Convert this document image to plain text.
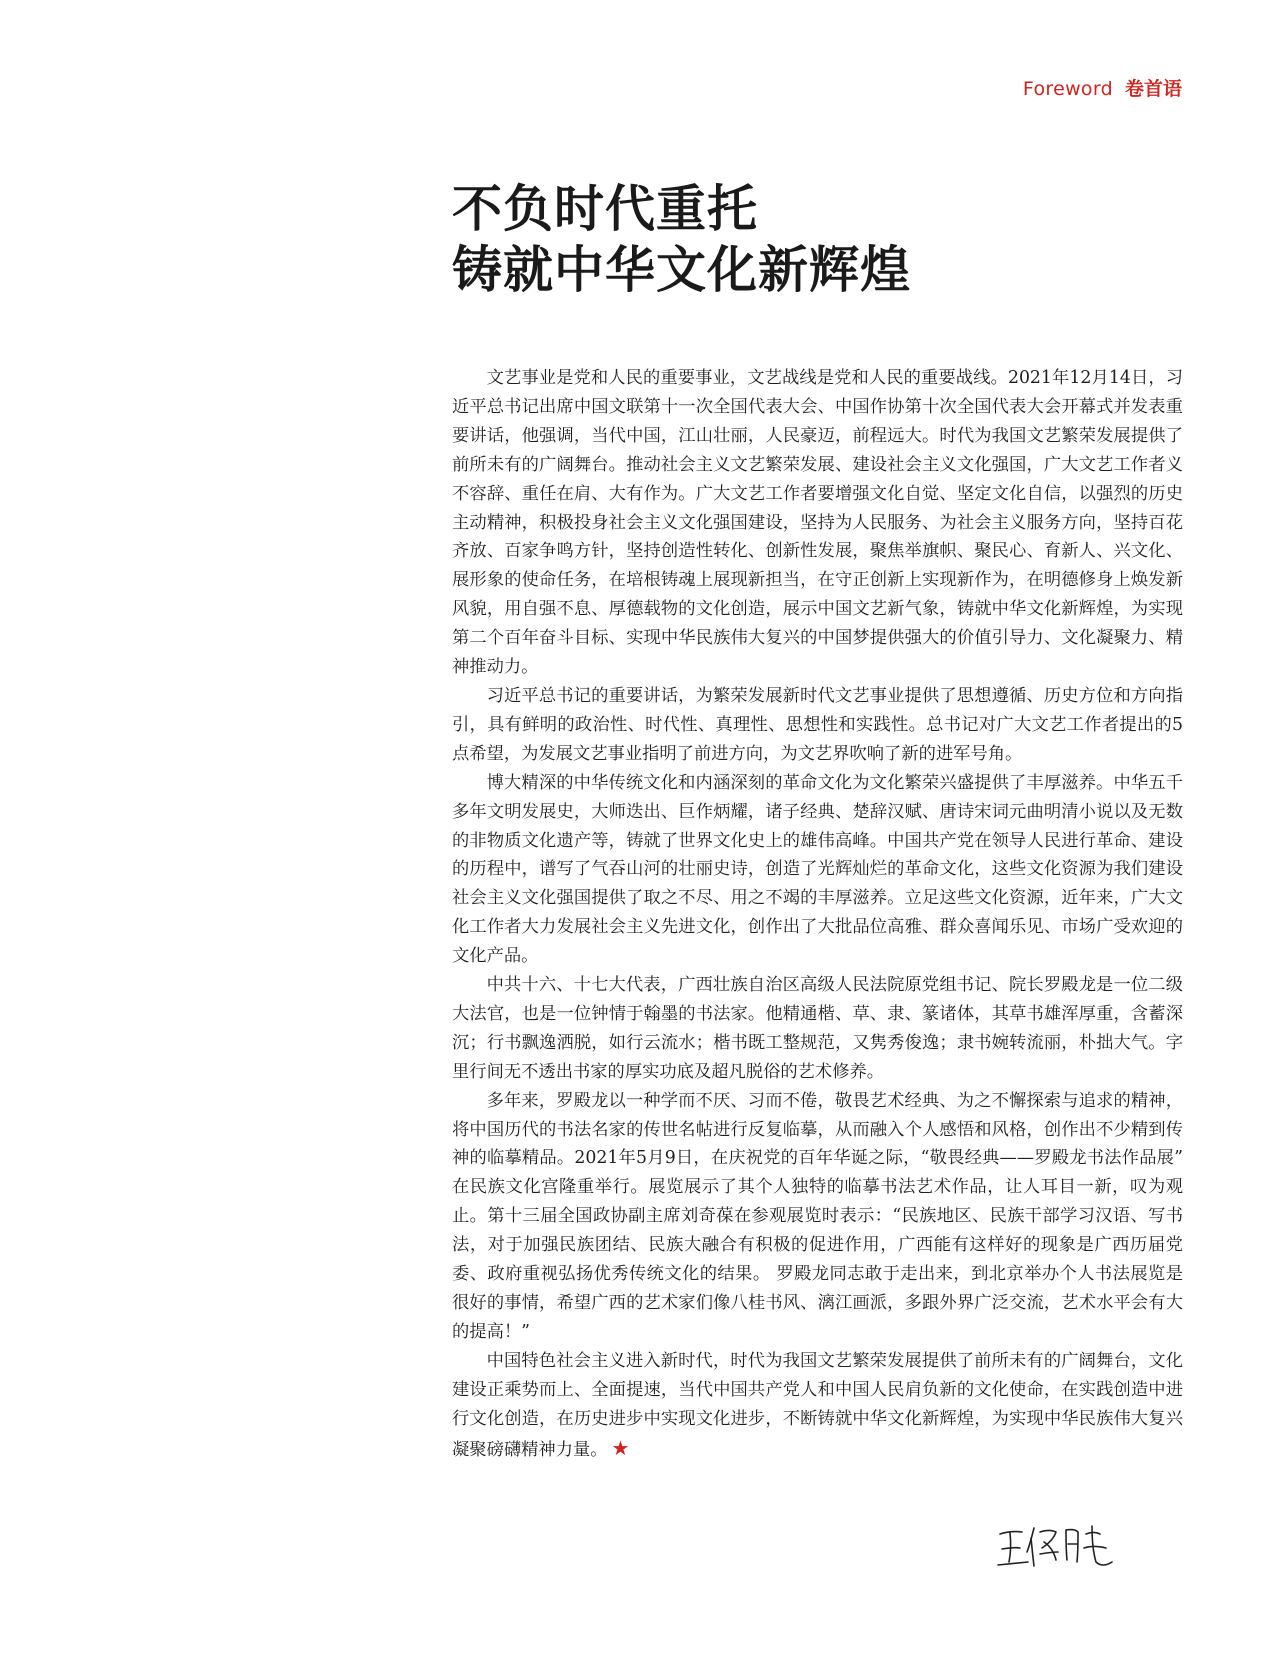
Foreword 卷首语
不负时代重托
铸就中华文化新辉煌

文艺事业是党和人民的重要事业，文艺战线是党和人民的重要战线。2021年12月14日，习近平总书记出席中国文联第十一次全国代表大会、中国作协第十次全国代表大会开幕式并发表重要讲话，他强调，当代中国，江山壮丽，人民豪迈，前程远大。时代为我国文艺繁荣发展提供了前所未有的广阔舞台。推动社会主义文艺繁荣发展、建设社会主义文化强国，广大文艺工作者义不容辞、重任在肩、大有作为。广大文艺工作者要增强文化自觉、坚定文化自信，以强烈的历史主动精神，积极投身社会主义文化强国建设，坚持为人民服务、为社会主义服务方向，坚持百花齐放、百家争鸣方针，坚持创造性转化、创新性发展，聚焦举旗帜、聚民心、育新人、兴文化、展形象的使命任务，在培根铸魂上展现新担当，在守正创新上实现新作为，在明德修身上焕发新风貌，用自强不息、厚德载物的文化创造，展示中国文艺新气象，铸就中华文化新辉煌，为实现第二个百年奋斗目标、实现中华民族伟大复兴的中国梦提供强大的价值引导力、文化凝聚力、精神推动力。

习近平总书记的重要讲话，为繁荣发展新时代文艺事业提供了思想遵循、历史方位和方向指引，具有鲜明的政治性、时代性、真理性、思想性和实践性。总书记对广大文艺工作者提出的5点希望，为发展文艺事业指明了前进方向，为文艺界吹响了新的进军号角。

博大精深的中华传统文化和内涵深刻的革命文化为文化繁荣兴盛提供了丰厚滋养。中华五千多年文明发展史，大师迭出、巨作炳耀，诸子经典、楚辞汉赋、唐诗宋词元曲明清小说以及无数的非物质文化遗产等，铸就了世界文化史上的雄伟高峰。中国共产党在领导人民进行革命、建设的历程中，谱写了气吞山河的壮丽史诗，创造了光辉灿烂的革命文化，这些文化资源为我们建设社会主义文化强国提供了取之不尽、用之不竭的丰厚滋养。立足这些文化资源，近年来，广大文化工作者大力发展社会主义先进文化，创作出了大批品位高雅、群众喜闻乐见、市场广受欢迎的文化产品。

中共十六、十七大代表，广西壮族自治区高级人民法院原党组书记、院长罗殿龙是一位二级大法官，也是一位钟情于翰墨的书法家。他精通楷、草、隶、篆诸体，其草书雄浑厚重，含蓄深沉；行书飘逸洒脱，如行云流水；楷书既工整规范，又隽秀俊逸；隶书婉转流丽，朴拙大气。字里行间无不透出书家的厚实功底及超凡脱俗的艺术修养。

多年来，罗殿龙以一种学而不厌、习而不倦，敬畏艺术经典、为之不懈探索与追求的精神，将中国历代的书法名家的传世名帖进行反复临摹，从而融入个人感悟和风格，创作出不少精到传神的临摹精品。2021年5月9日，在庆祝党的百年华诞之际，“敬畏经典——罗殿龙书法作品展” 在民族文化宫隆重举行。展览展示了其个人独特的临摹书法艺术作品，让人耳目一新，叹为观止。第十三届全国政协副主席刘奇葆在参观展览时表示：“民族地区、民族干部学习汉语、写书法，对于加强民族团结、民族大融合有积极的促进作用，广西能有这样好的现象是广西历届党委、政府重视弘扬优秀传统文化的结果。 罗殿龙同志敢于走出来，到北京举办个人书法展览是很好的事情，希望广西的艺术家们像八桂书风、漓江画派，多跟外界广泛交流，艺术水平会有大的提高！”

中国特色社会主义进入新时代，时代为我国文艺繁荣发展提供了前所未有的广阔舞台，文化建设正乘势而上、全面提速，当代中国共产党人和中国人民肩负新的文化使命，在实践创造中进行文化创造，在历史进步中实现文化进步，不断铸就中华文化新辉煌，为实现中华民族伟大复兴凝聚磅礴精神力量。 ★
